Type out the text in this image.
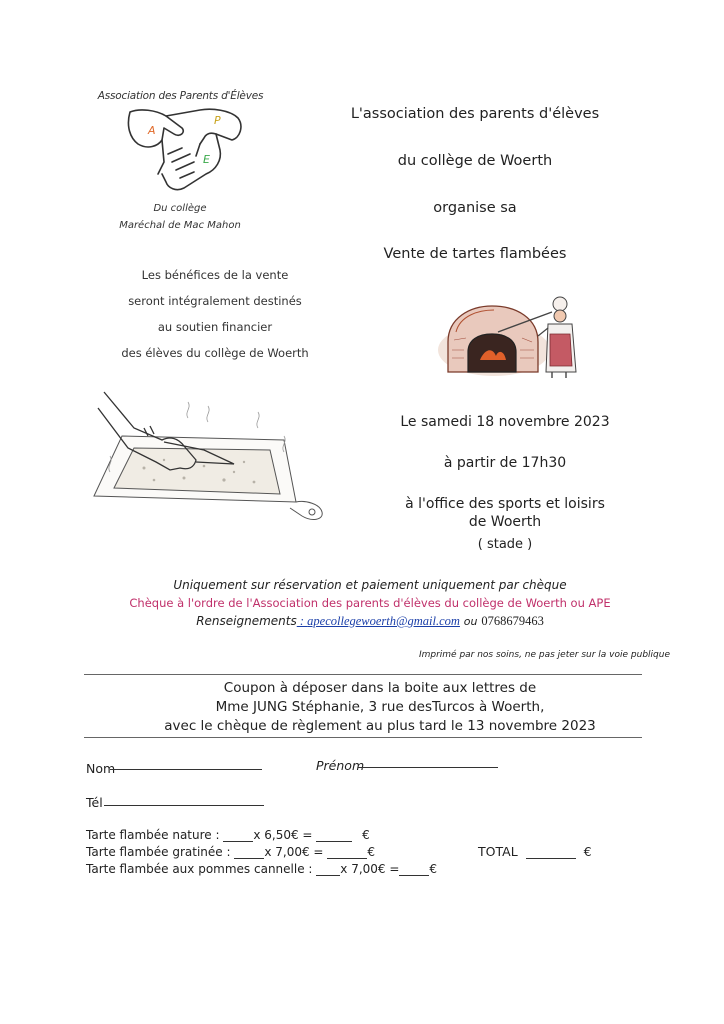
Association des Parents d'Élèves
A
P
E
Du collège
Maréchal de Mac Mahon
L'association des parents d'élèves
du collège de Woerth
organise sa
Vente de tartes flambées
Les bénéfices de la vente
seront intégralement destinés
au soutien financier
des élèves du collège de Woerth
Le samedi 18 novembre 2023
à partir de 17h30
à l'office des sports et loisirs
de Woerth
( stade )
Uniquement sur réservation et paiement uniquement par chèque
Chèque à l'ordre de l'Association des parents d'élèves du collège de Woerth ou APE
Renseignements : apecollegewoerth@gmail.com ou 0768679463
Imprimé par nos soins, ne pas jeter sur la voie publique
Coupon à déposer dans la boite aux lettres de
Mme JUNG Stéphanie, 3 rue desTurcos à Woerth,
avec le chèque de règlement au plus tard le 13 novembre 2023
Nom	Prénom
Tél
Tarte flambée nature :	x 6,50€ =	€
Tarte flambée gratinée :	x 7,00€ =	€
Tarte flambée aux pommes cannelle : x 7,00€ =	€
TOTAL	€
